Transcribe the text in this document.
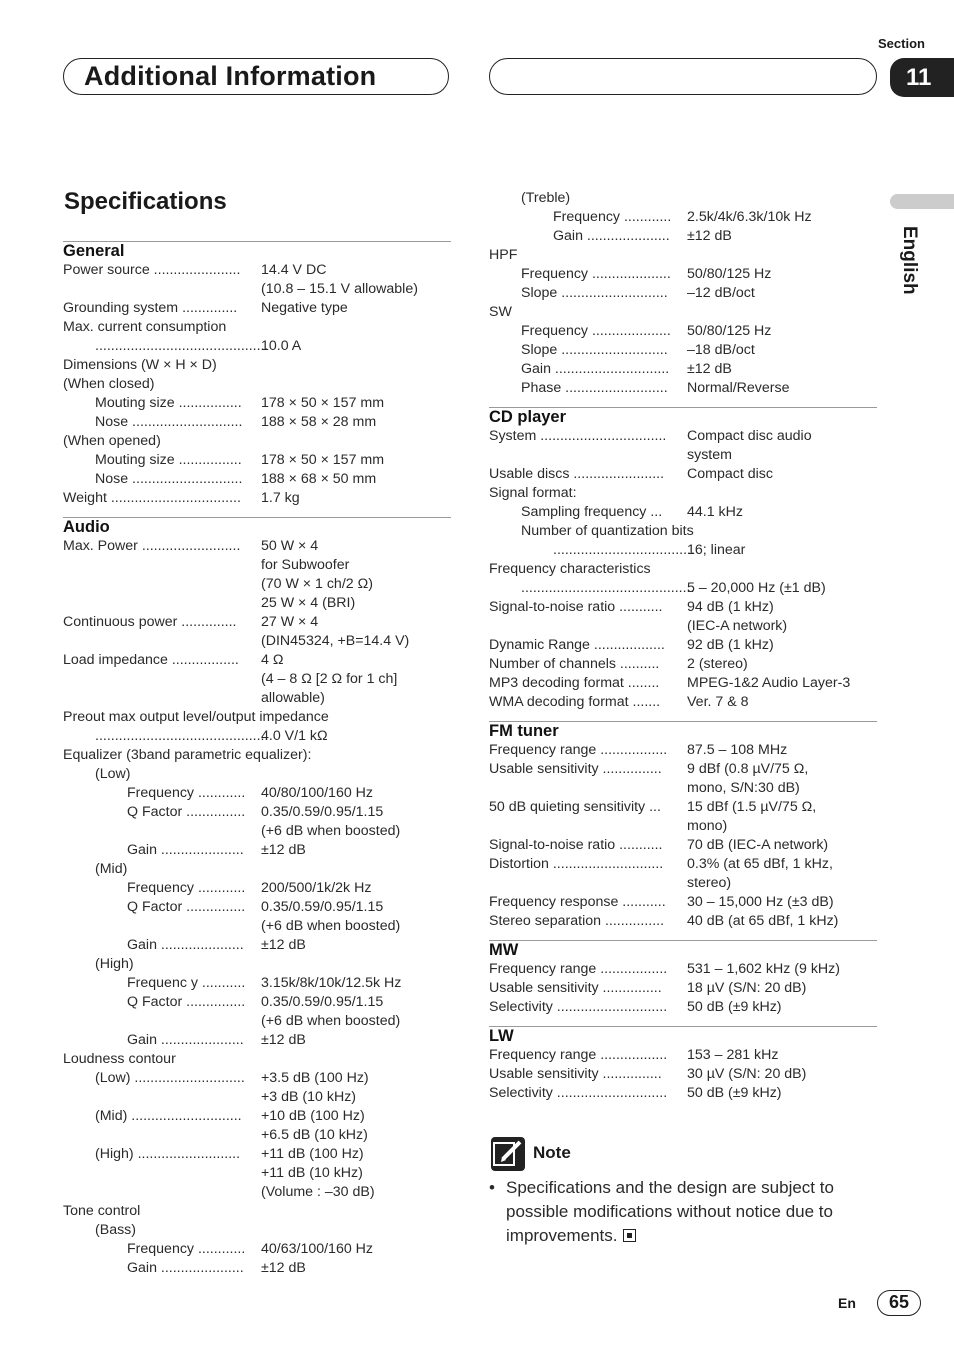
Section
Additional Information	11
English
Specifications
General
Power source ...................... 14.4 V DC
(10.8 – 15.1 V allowable)
Grounding system .............. Negative type
Max. current consumption
............................................
10.0 A
Dimensions (W × H × D)
(When closed)
Mouting size ................ 178 × 50 × 157 mm
Nose ............................ 188 × 58 × 28 mm
(When opened)
Mouting size ................ 178 × 50 × 157 mm
Nose ............................ 188 × 68 × 50 mm
Weight ................................. 1.7 kg
Audio
Max. Power ......................... 50 W × 4
for Subwoofer
(70 W × 1 ch/2 Ω)
25 W × 4 (BRI)
Continuous power .............. 27 W × 4
(DIN45324, +B=14.4 V)
Load impedance ................. 4 Ω
(4 – 8 Ω [2 Ω for 1 ch]
allowable)
Preout max output level/output impedance
............................................
4.0 V/1 kΩ
Equalizer (3band parametric equalizer):
(Low)
Frequency ............ 40/80/100/160 Hz
Q Factor ............... 0.35/0.59/0.95/1.15
(+6 dB when boosted)
Gain ..................... ±12 dB
(Mid)
Frequency ............ 200/500/1k/2k Hz
Q Factor ............... 0.35/0.59/0.95/1.15
(+6 dB when boosted)
Gain ..................... ±12 dB
(High)
Frequenc y ........... 3.15k/8k/10k/12.5k Hz
Q Factor ............... 0.35/0.59/0.95/1.15
(+6 dB when boosted)
Gain ..................... ±12 dB
Loudness contour
(Low) ............................ +3.5 dB (100 Hz)
+3 dB (10 kHz)
(Mid) ............................ +10 dB (100 Hz)
+6.5 dB (10 kHz)
(High) .......................... +11 dB (100 Hz)
+11 dB (10 kHz)
(Volume : –30 dB)
Tone control
(Bass)
Frequency ............ 40/63/100/160 Hz
Gain ..................... ±12 dB
(Treble)
Frequency ............ 2.5k/4k/6.3k/10k Hz
Gain ..................... ±12 dB
HPF
Frequency .................... 50/80/125 Hz
Slope ........................... –12 dB/oct
SW
Frequency .................... 50/80/125 Hz
Slope ........................... –18 dB/oct
Gain ............................. ±12 dB
Phase .......................... Normal/Reverse
CD player
System ................................ Compact disc audio
system
Usable discs ....................... Compact disc
Signal format:
Sampling frequency ... 44.1 kHz
Number of quantization bits
....................................
16; linear
Frequency characteristics
............................................
5 – 20,000 Hz (±1 dB)
Signal-to-noise ratio ........... 94 dB (1 kHz)
(IEC-A network)
Dynamic Range .................. 92 dB (1 kHz)
Number of channels .......... 2 (stereo)
MP3 decoding format ........ MPEG-1&2 Audio Layer-3
WMA decoding format ....... Ver. 7 & 8
FM tuner
Frequency range ................. 87.5 – 108 MHz
Usable sensitivity ............... 9 dBf (0.8 µV/75 Ω,
mono, S/N:30 dB)
50 dB quieting sensitivity ... 15 dBf (1.5 µV/75 Ω,
mono)
Signal-to-noise ratio ........... 70 dB (IEC-A network)
Distortion ............................ 0.3% (at 65 dBf, 1 kHz,
stereo)
Frequency response ........... 30 – 15,000 Hz (±3 dB)
Stereo separation ............... 40 dB (at 65 dBf, 1 kHz)
MW
Frequency range ................. 531 – 1,602 kHz (9 kHz)
Usable sensitivity ............... 18 µV (S/N: 20 dB)
Selectivity ............................ 50 dB (±9 kHz)
LW
Frequency range ................. 153 – 281 kHz
Usable sensitivity ............... 30 µV (S/N: 20 dB)
Selectivity ............................ 50 dB (±9 kHz)
Note
• Specifications and the design are subject to possible modifications without notice due to improvements.
En	65
